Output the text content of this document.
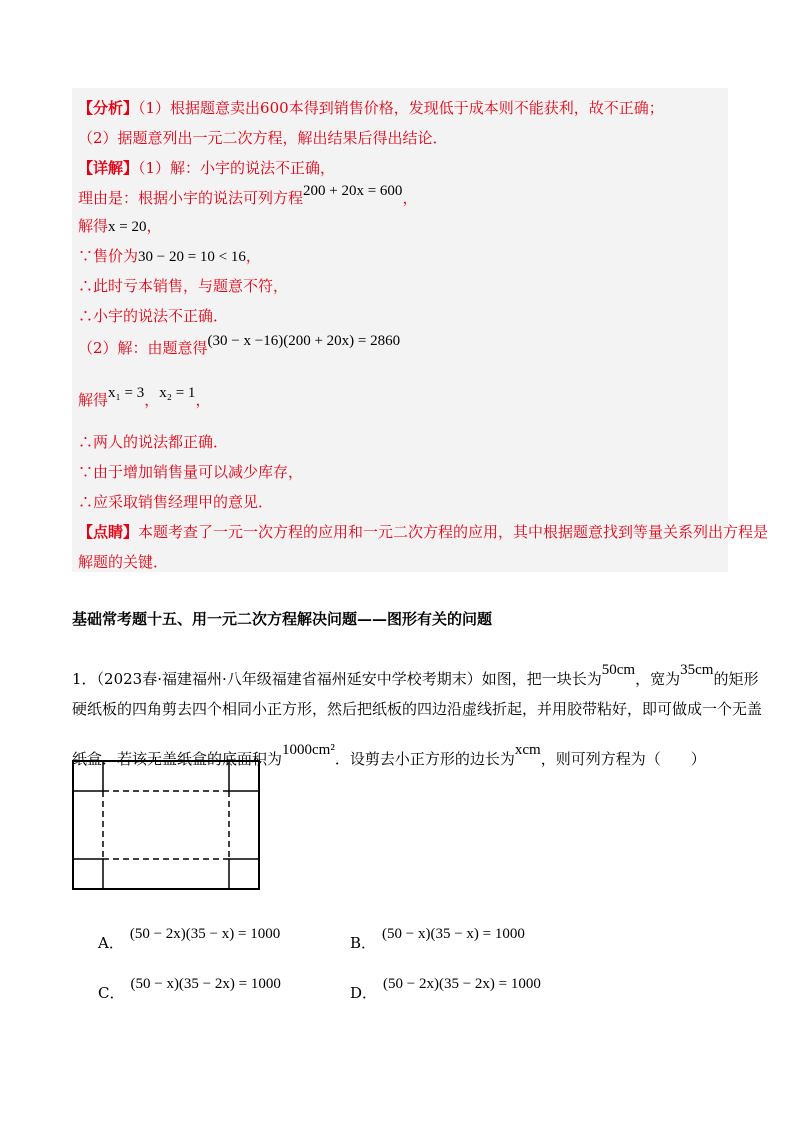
【分析】（1）根据题意卖出600本得到销售价格，发现低于成本则不能获利，故不正确；
（2）据题意列出一元二次方程，解出结果后得出结论．
【详解】（1）解：小宇的说法不正确，
理由是：根据小宇的说法可列方程200 + 20x = 600，
解得x = 20，
∵售价为30 − 20 = 10 < 16，
∴此时亏本销售，与题意不符，
∴小宇的说法不正确．
（2）解：由题意得(30 − x −16)(200 + 20x) = 2860
解得x₁ = 3，x₂ = 1，
∴两人的说法都正确．
∵由于增加销售量可以减少库存，
∴应采取销售经理甲的意见．
【点睛】本题考查了一元一次方程的应用和一元二次方程的应用，其中根据题意找到等量关系列出方程是
解题的关键．
基础常考题十五、用一元二次方程解决问题——图形有关的问题
1．（2023春·福建福州·八年级福建省福州延安中学校考期末）如图，把一块长为50cm，宽为35cm的矩形
硬纸板的四角剪去四个相同小正方形，然后把纸板的四边沿虚线折起，并用胶带粘好，即可做成一个无盖
纸盒．若该无盖纸盒的底面积为1000cm²．设剪去小正方形的边长为xcm，则可列方程为（　　）
A． (50 − 2x)(35 − x) = 1000	B． (50 − x)(35 − x) = 1000
C． (50 − x)(35 − 2x) = 1000	D． (50 − 2x)(35 − 2x) = 1000
